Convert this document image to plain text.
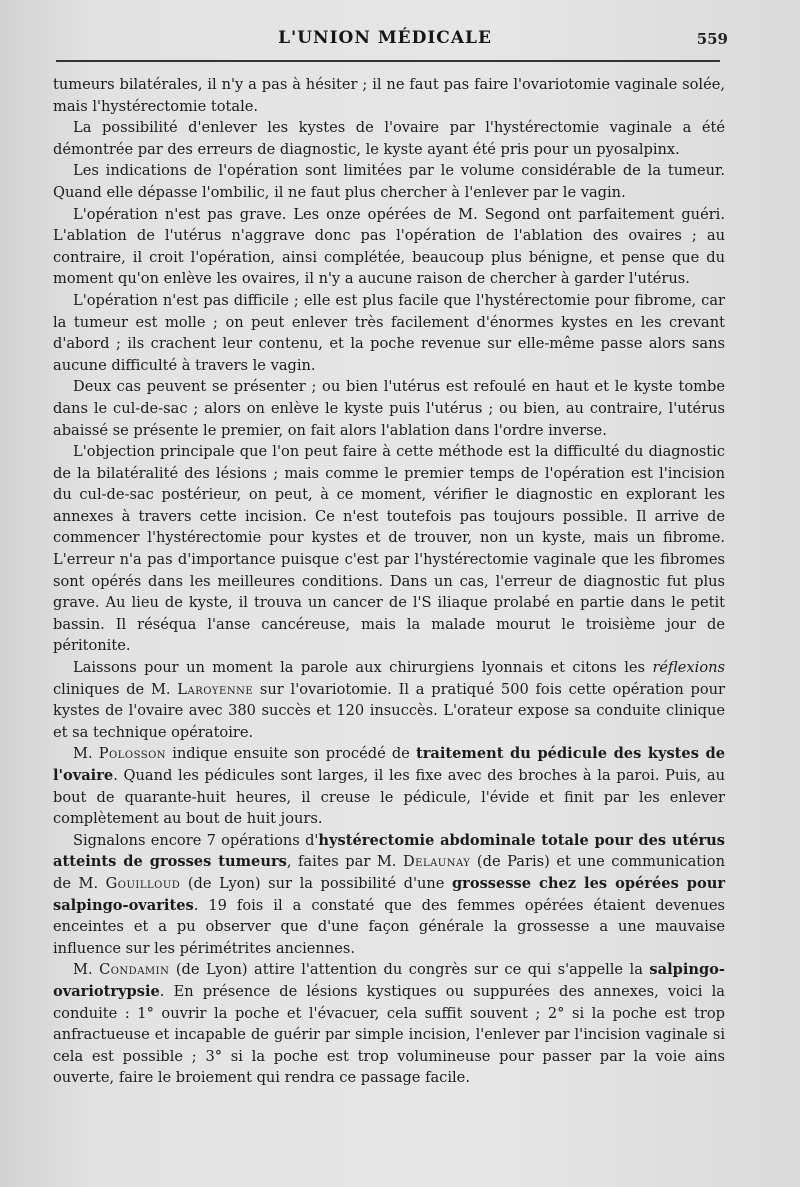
L'UNION MÉDICALE	559

tumeurs bilatérales, il n'y a pas à hésiter ; il ne faut pas faire l'ovariotomie vaginale solée, mais l'hystérectomie totale.

La possibilité d'enlever les kystes de l'ovaire par l'hystérectomie vaginale a été démontrée par des erreurs de diagnostic, le kyste ayant été pris pour un pyosalpinx.

Les indications de l'opération sont limitées par le volume considérable de la tumeur. Quand elle dépasse l'ombilic, il ne faut plus chercher à l'enlever par le vagin.

L'opération n'est pas grave. Les onze opérées de M. Segond ont parfaitement guéri. L'ablation de l'utérus n'aggrave donc pas l'opération de l'ablation des ovaires ; au contraire, il croit l'opération, ainsi complétée, beaucoup plus bénigne, et pense que du moment qu'on enlève les ovaires, il n'y a aucune raison de chercher à garder l'utérus.

L'opération n'est pas difficile ; elle est plus facile que l'hystérectomie pour fibrome, car la tumeur est molle ; on peut enlever très facilement d'énormes kystes en les crevant d'abord ; ils crachent leur contenu, et la poche revenue sur elle-même passe alors sans aucune difficulté à travers le vagin.

Deux cas peuvent se présenter ; ou bien l'utérus est refoulé en haut et le kyste tombe dans le cul-de-sac ; alors on enlève le kyste puis l'utérus ; ou bien, au contraire, l'utérus abaissé se présente le premier, on fait alors l'ablation dans l'ordre inverse.

L'objection principale que l'on peut faire à cette méthode est la difficulté du diagnostic de la bilatéralité des lésions ; mais comme le premier temps de l'opération est l'incision du cul-de-sac postérieur, on peut, à ce moment, vérifier le diagnostic en explorant les annexes à travers cette incision. Ce n'est toutefois pas toujours possible. Il arrive de commencer l'hystérectomie pour kystes et de trouver, non un kyste, mais un fibrome. L'erreur n'a pas d'importance puisque c'est par l'hystérectomie vaginale que les fibromes sont opérés dans les meilleures conditions. Dans un cas, l'erreur de diagnostic fut plus grave. Au lieu de kyste, il trouva un cancer de l'S iliaque prolabé en partie dans le petit bassin. Il réséqua l'anse cancéreuse, mais la malade mourut le troisième jour de péritonite.

Laissons pour un moment la parole aux chirurgiens lyonnais et citons les réflexions cliniques de M. Laroyenne sur l'ovariotomie. Il a pratiqué 500 fois cette opération pour kystes de l'ovaire avec 380 succès et 120 insuccès. L'orateur expose sa conduite clinique et sa technique opératoire.

M. Polosson indique ensuite son procédé de traitement du pédicule des kystes de l'ovaire. Quand les pédicules sont larges, il les fixe avec des broches à la paroi. Puis, au bout de quarante-huit heures, il creuse le pédicule, l'évide et finit par les enlever complètement au bout de huit jours.

Signalons encore 7 opérations d'hystérectomie abdominale totale pour des utérus atteints de grosses tumeurs, faites par M. Delaunay (de Paris) et une communication de M. Gouilloud (de Lyon) sur la possibilité d'une grossesse chez les opérées pour salpingo-ovarites. 19 fois il a constaté que des femmes opérées étaient devenues enceintes et a pu observer que d'une façon générale la grossesse a une mauvaise influence sur les périmétrites anciennes.

M. Condamin (de Lyon) attire l'attention du congrès sur ce qui s'appelle la salpingo-ovariotrypsie. En présence de lésions kystiques ou suppurées des annexes, voici la conduite : 1° ouvrir la poche et l'évacuer, cela suffit souvent ; 2° si la poche est trop anfractueuse et incapable de guérir par simple incision, l'enlever par l'incision vaginale si cela est possible ; 3° si la poche est trop volumineuse pour passer par la voie ains ouverte, faire le broiement qui rendra ce passage facile.
